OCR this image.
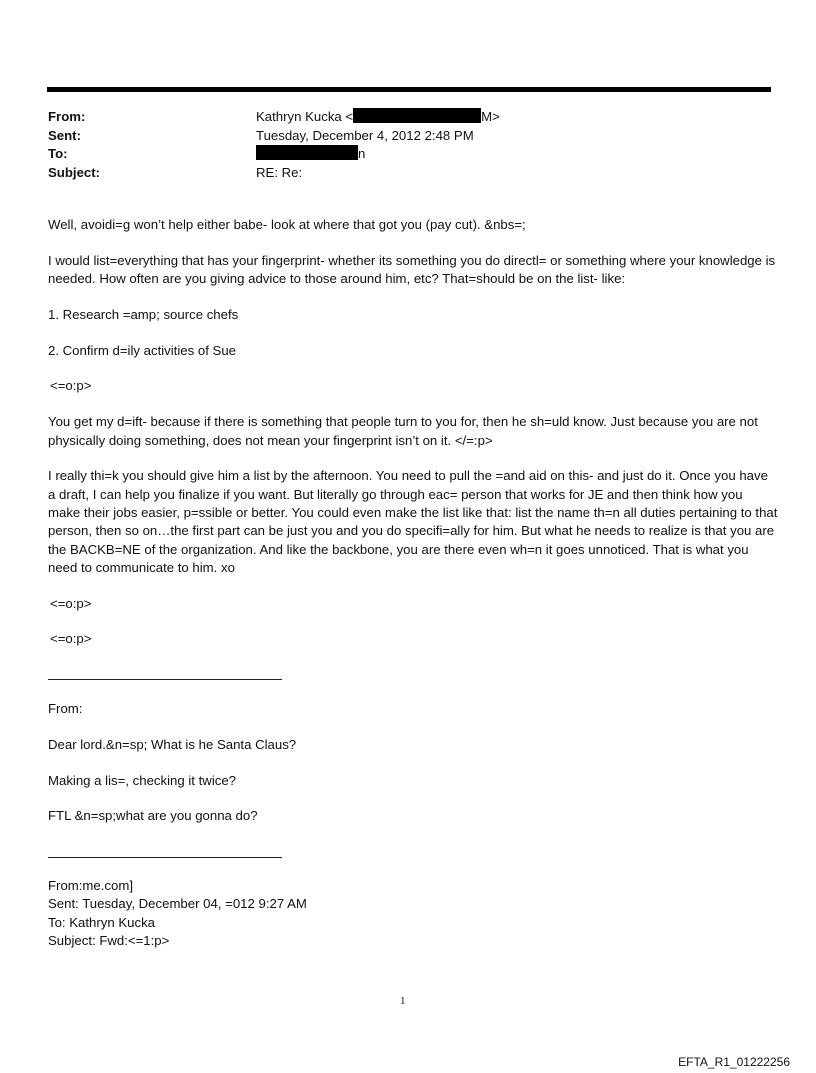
From:	Kathryn Kucka <	M>
Sent:	Tuesday, December 4, 2012 2:48 PM
To:	n
Subject:	RE: Re:

Well, avoidi=g won’t help either babe- look at where that got you (pay cut). &nbs=;

I would list=everything that has your fingerprint- whether its something you do directl= or something where your knowledge is needed. How often are you giving advice to those around him, etc? That=should be on the list- like:

1. Research =amp; source chefs

2. Confirm d=ily activities of Sue

<=o:p>

You get my d=ift- because if there is something that people turn to you for, then he sh=uld know. Just because you are not physically doing something, does not mean your fingerprint isn’t on it. </=:p>

I really thi=k you should give him a list by the afternoon. You need to pull the =and aid on this- and just do it. Once you have a draft, I can help you finalize if you want. But literally go through eac= person that works for JE and then think how you make their jobs easier, p=ssible or better. You could even make the list like that: list the name th=n all duties pertaining to that person, then so on…the first part can be just you and you do specifi=ally for him. But what he needs to realize is that you are the BACKB=NE of the organization. And like the backbone, you are there even wh=n it goes unnoticed. That is what you need to communicate to him. xo

<=o:p>

<=o:p>

From:

Dear lord.&n=sp; What is he Santa Claus?

Making a lis=, checking it twice?

FTL &n=sp;what are you gonna do?

From:me.com]
Sent: Tuesday, December 04, =012 9:27 AM
To: Kathryn Kucka
Subject: Fwd:<=1:p>
1
EFTA_R1_01222256
